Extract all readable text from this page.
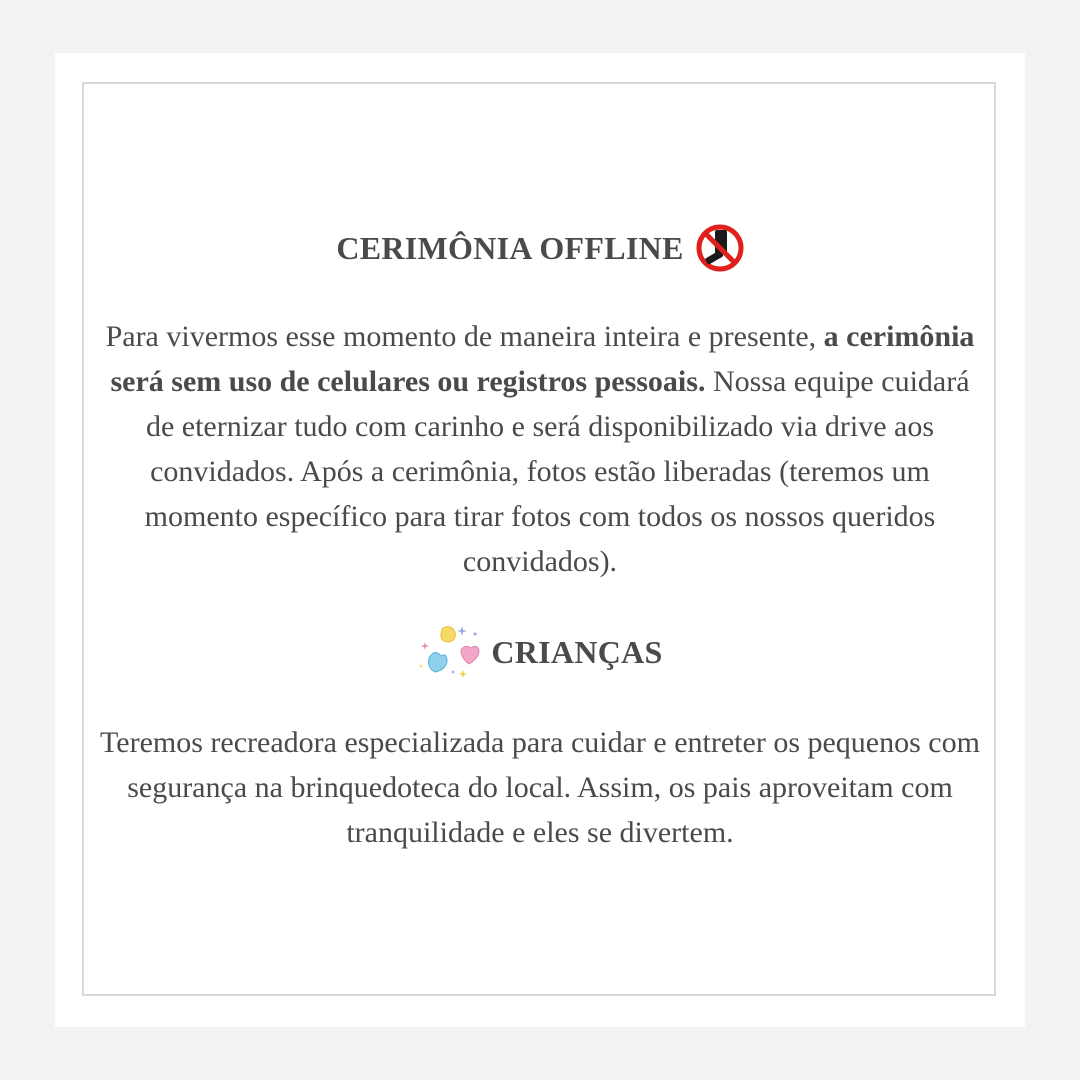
CERIMÔNIA OFFLINE
Para vivermos esse momento de maneira inteira e presente, a cerimônia será sem uso de celulares ou registros pessoais. Nossa equipe cuidará de eternizar tudo com carinho e será disponibilizado via drive aos convidados. Após a cerimônia, fotos estão liberadas (teremos um momento específico para tirar fotos com todos os nossos queridos convidados).
CRIANÇAS
Teremos recreadora especializada para cuidar e entreter os pequenos com segurança na brinquedoteca do local. Assim, os pais aproveitam com tranquilidade e eles se divertem.
